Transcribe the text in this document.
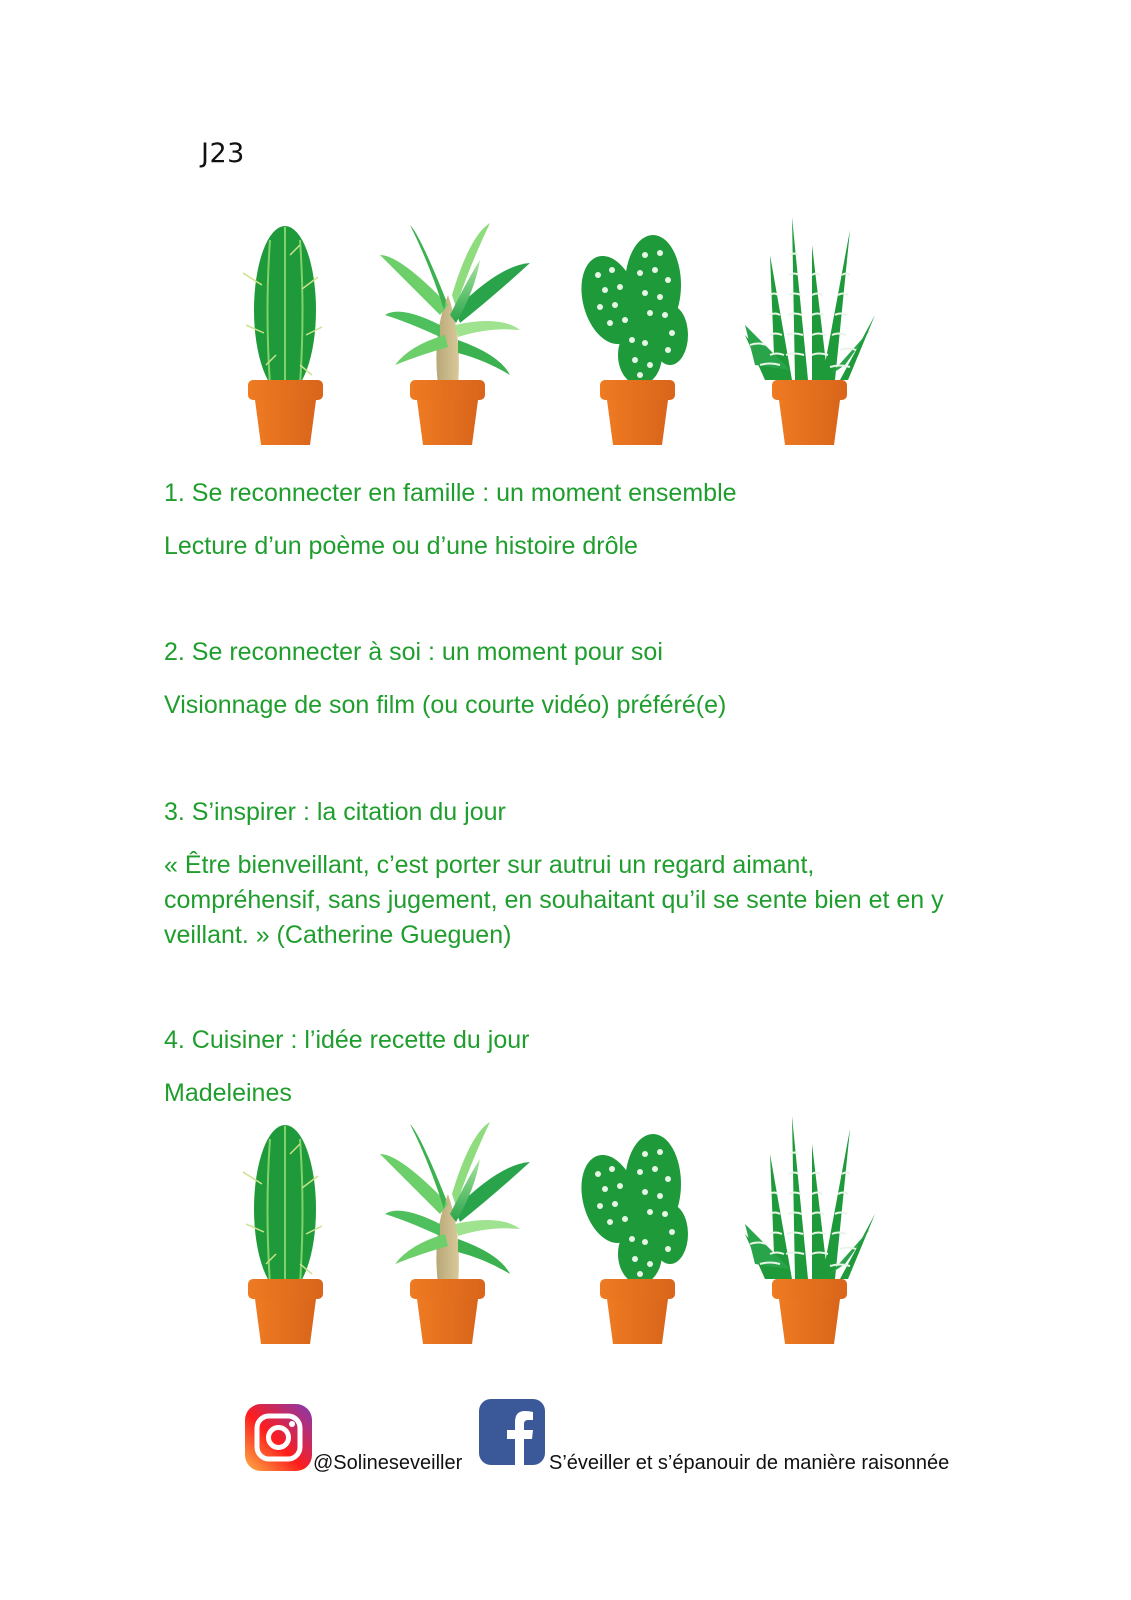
J23
1. Se reconnecter en famille : un moment ensemble
Lecture d’un poème ou d’une histoire drôle
2. Se reconnecter à soi : un moment pour soi
Visionnage de son film (ou courte vidéo) préféré(e)
3. S’inspirer : la citation du jour
« Être bienveillant, c’est porter sur autrui un regard aimant,
compréhensif, sans jugement, en souhaitant qu’il se sente bien et en y
veillant. » (Catherine Gueguen)
4. Cuisiner : l’idée recette du jour
Madeleines
@Solineseveiller	S’éveiller et s’épanouir de manière raisonnée
